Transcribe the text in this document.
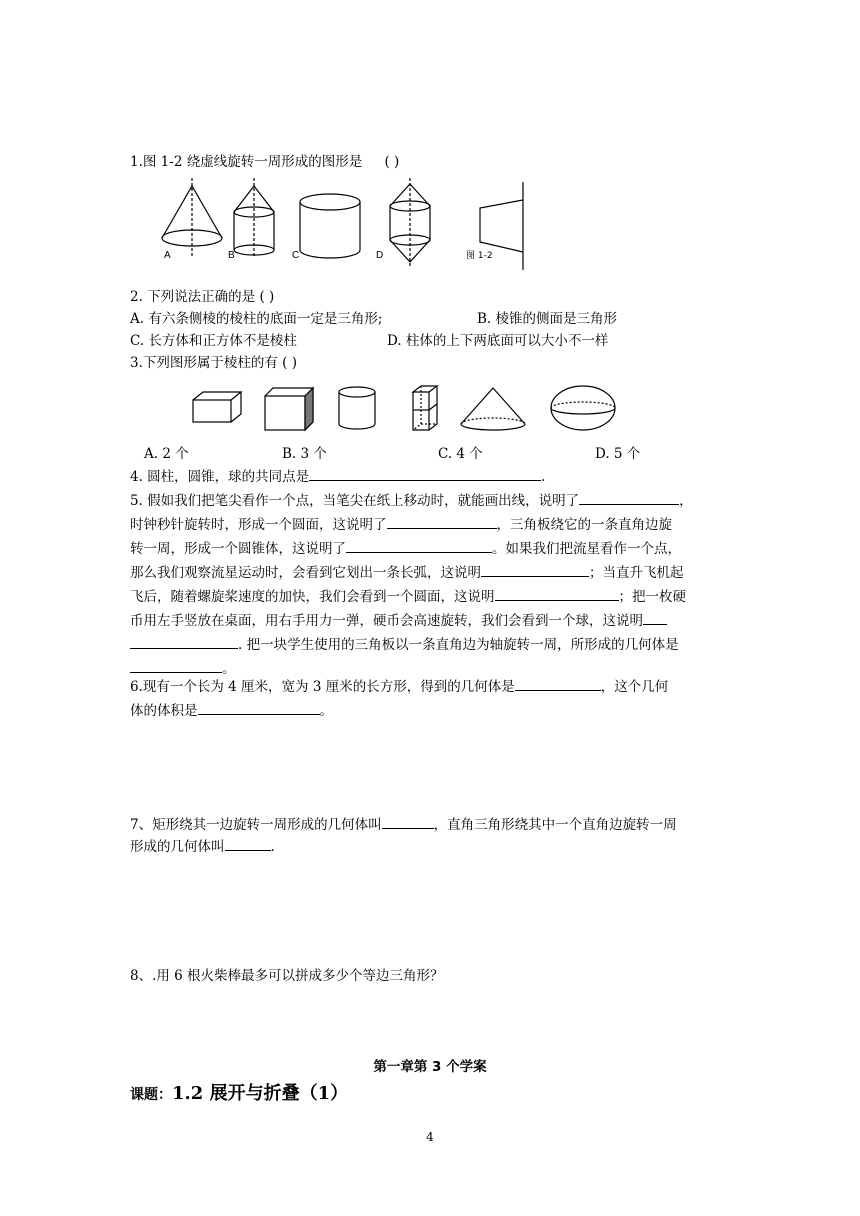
1.图 1-2 绕虚线旋转一周形成的图形是 ( )
A	B	C	D	图 1-2
2. 下列说法正确的是 ( )
A. 有六条侧棱的棱柱的底面一定是三角形;	B. 棱锥的侧面是三角形
C. 长方体和正方体不是棱柱	D. 柱体的上下两底面可以大小不一样
3.下列图形属于棱柱的有 ( )
A. 2 个	B. 3 个	C. 4 个	D. 5 个
4. 圆柱，圆锥，球的共同点是	.
5. 假如我们把笔尖看作一个点，当笔尖在纸上移动时，就能画出线，说明了	，
时钟秒针旋转时，形成一个圆面，这说明了	，三角板绕它的一条直角边旋
转一周，形成一个圆锥体，这说明了	。如果我们把流星看作一个点，
那么我们观察流星运动时，会看到它划出一条长弧，这说明	；当直升飞机起
飞后，随着螺旋桨速度的加快，我们会看到一个圆面，这说明	；把一枚硬
币用左手竖放在桌面，用右手用力一弹，硬币会高速旋转，我们会看到一个球，这说明
. 把一块学生使用的三角板以一条直角边为轴旋转一周，所形成的几何体是
。
6.现有一个长为 4 厘米，宽为 3 厘米的长方形，得到的几何体是	，这个几何
体的体积是	。
7、矩形绕其一边旋转一周形成的几何体叫	，直角三角形绕其中一个直角边旋转一周
形成的几何体叫	.
8、.用 6 根火柴棒最多可以拼成多少个等边三角形？
第一章第 3 个学案
课题：1.2 展开与折叠（1）
4
